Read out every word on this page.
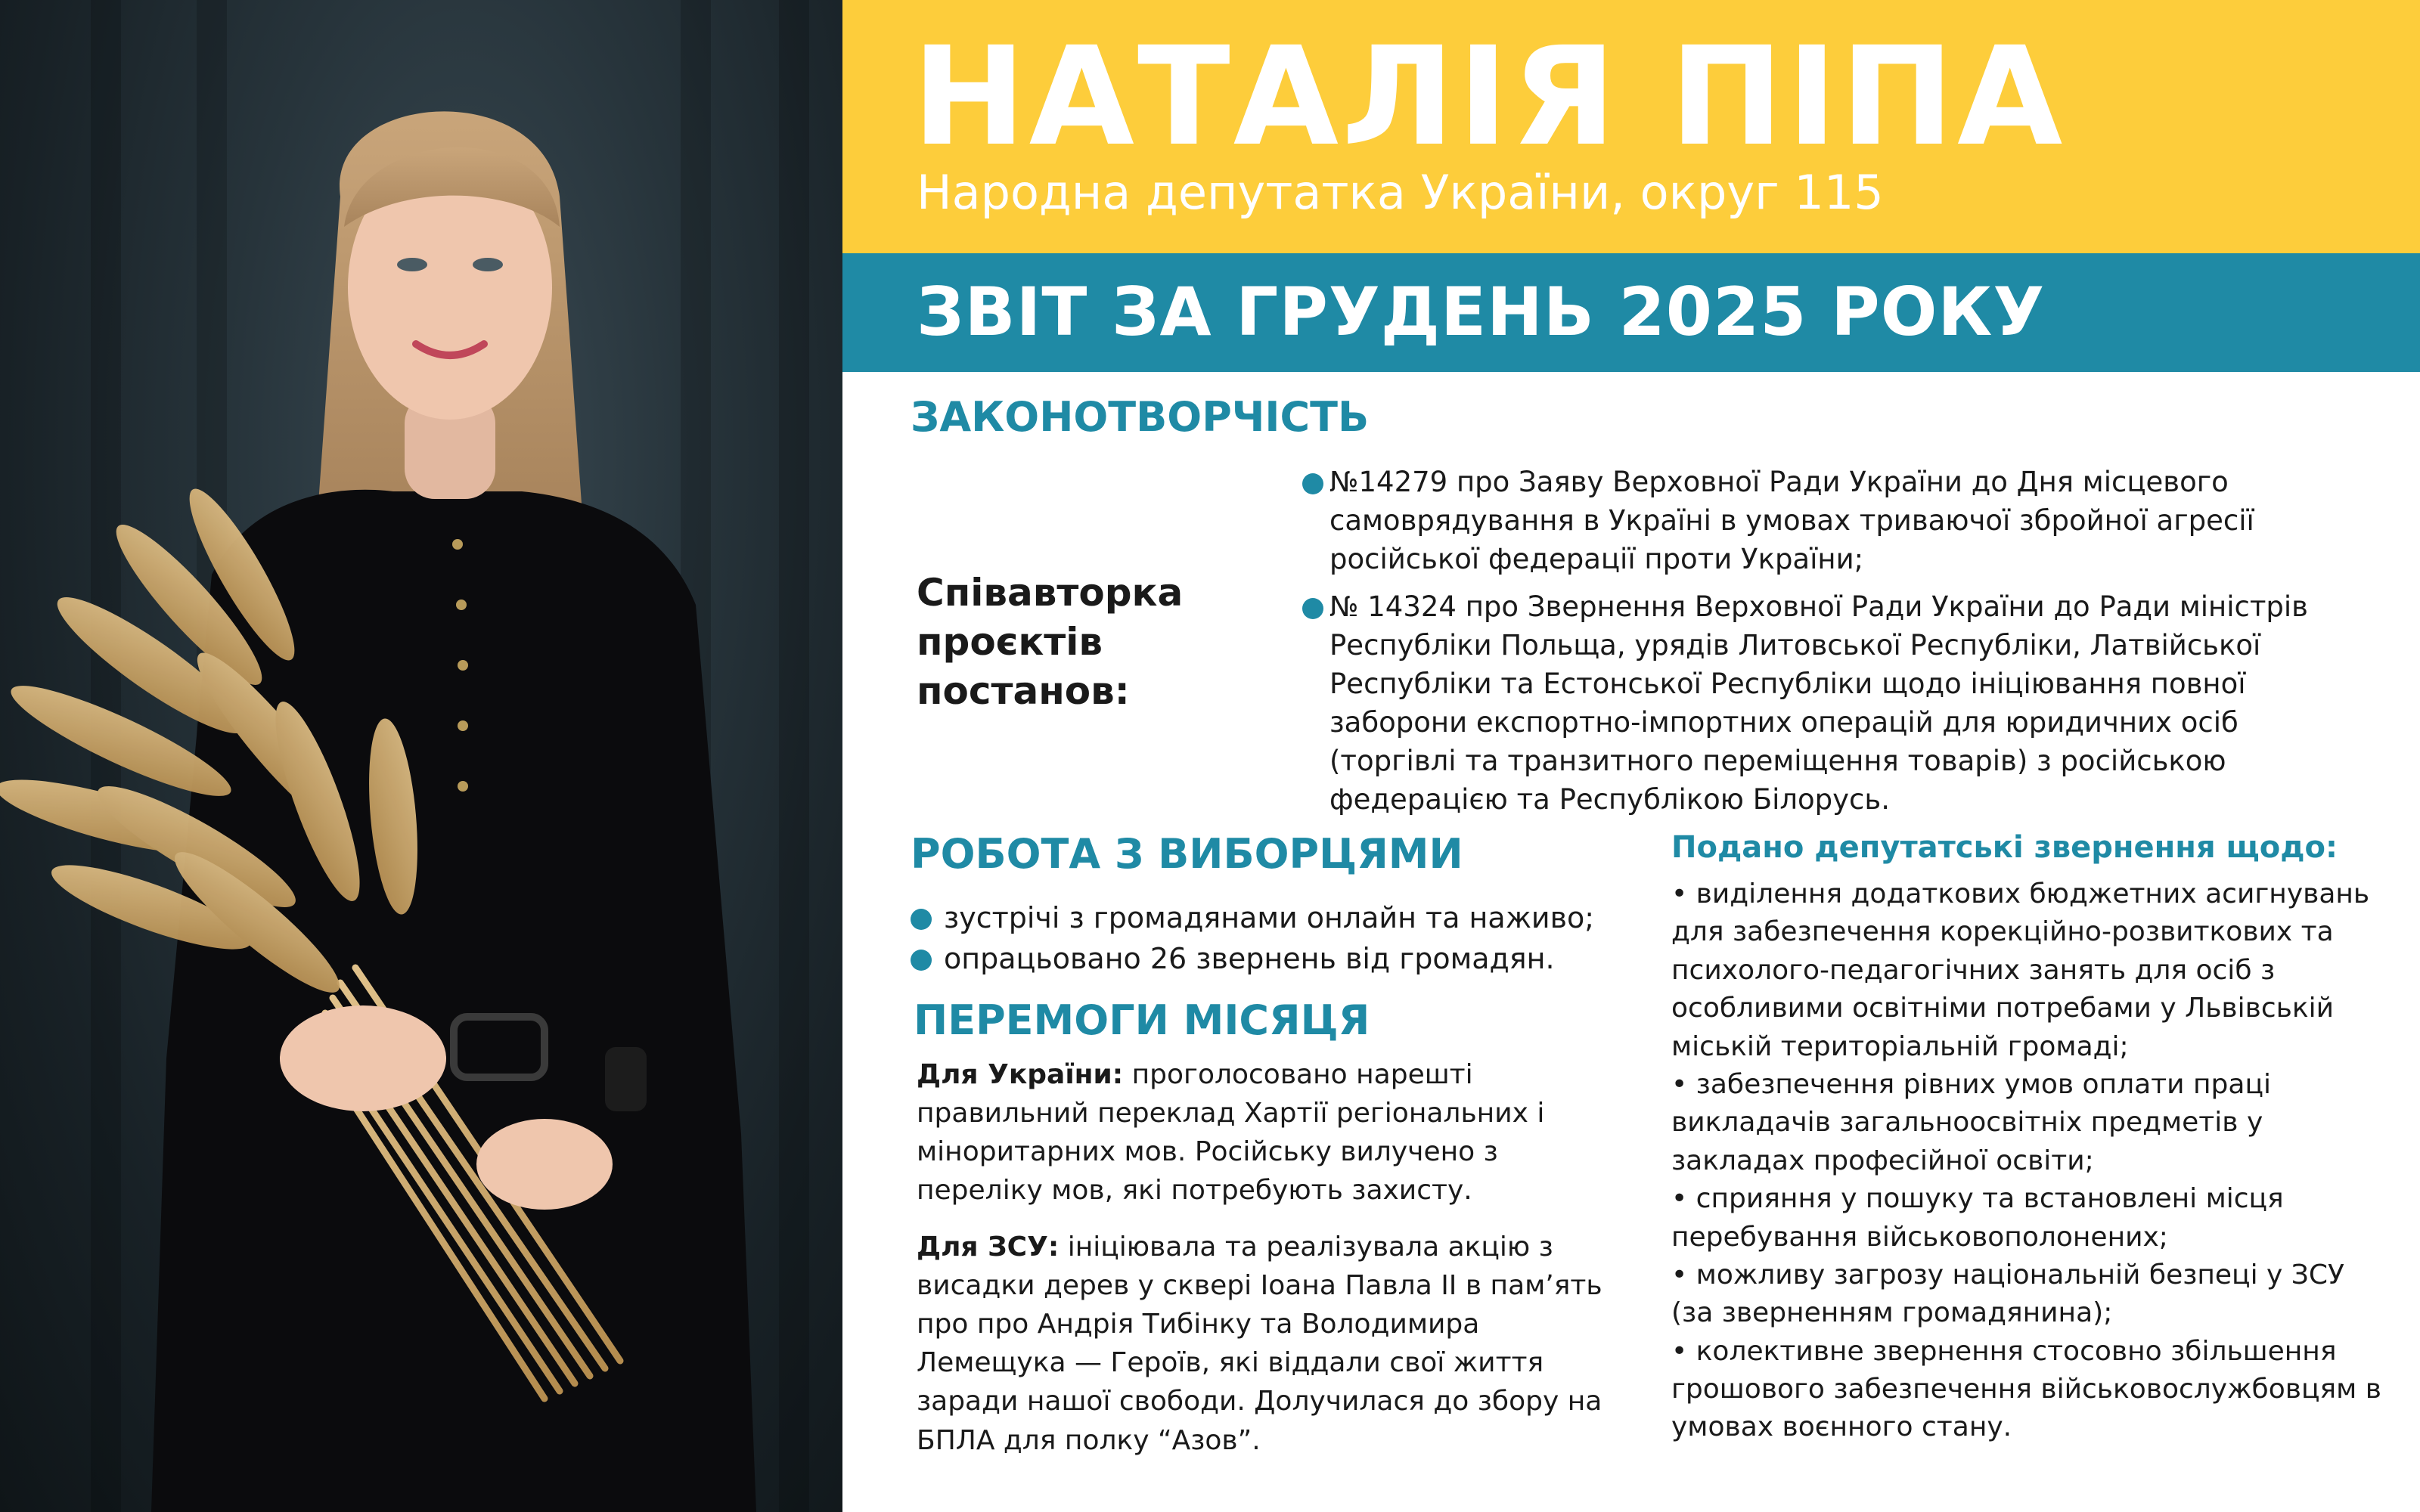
НАТАЛІЯ ПІПА

Народна депутатка України, округ 115

ЗВІТ ЗА ГРУДЕНЬ 2025 РОКУ
ЗАКОНОТВОРЧІСТЬ

Співавторка проєктів постанов:

№14279 про Заяву Верховної Ради України до Дня місцевого самоврядування в Україні в умовах триваючої збройної агресії російської федерації проти України;
№ 14324 про Звернення Верховної Ради України до Ради міністрів Республіки Польща, урядів Литовської Республіки, Латвійської Республіки та Естонської Республіки щодо ініціювання повної заборони експортно-імпортних операцій для юридичних осіб (торгівлі та транзитного переміщення товарів) з російською федерацією та Республікою Білорусь.
РОБОТА З ВИБОРЦЯМИ
зустрічі з громадянами онлайн та наживо;
опрацьовано 26 звернень від громадян.
ПЕРЕМОГИ МІСЯЦЯ

Для України: проголосовано нарешті правильний переклад Хартії регіональних і міноритарних мов. Російську вилучено з переліку мов, які потребують захисту.

Для ЗСУ: ініціювала та реалізувала акцію з висадки дерев у сквері Іоана Павла ІІ в пам’ять про про Андрія Тибінку та Володимира Лемещука — Героїв, які віддали свої життя заради нашої свободи. Долучилася до збору на БПЛА для полку “Азов”.

Подано депутатські звернення щодо:
• виділення додаткових бюджетних асигнувань для забезпечення корекційно-розвиткових та психолого-педагогічних занять для осіб з особливими освітніми потребами у Львівській міській територіальній громаді;
• забезпечення рівних умов оплати праці викладачів загальноосвітніх предметів у закладах професійної освіти;
• сприяння у пошуку та встановлені місця перебування військовополонених;
• можливу загрозу національній безпеці у ЗСУ (за зверненням громадянина);
• колективне звернення стосовно збільшення грошового забезпечення військовослужбовцям в умовах воєнного стану.
